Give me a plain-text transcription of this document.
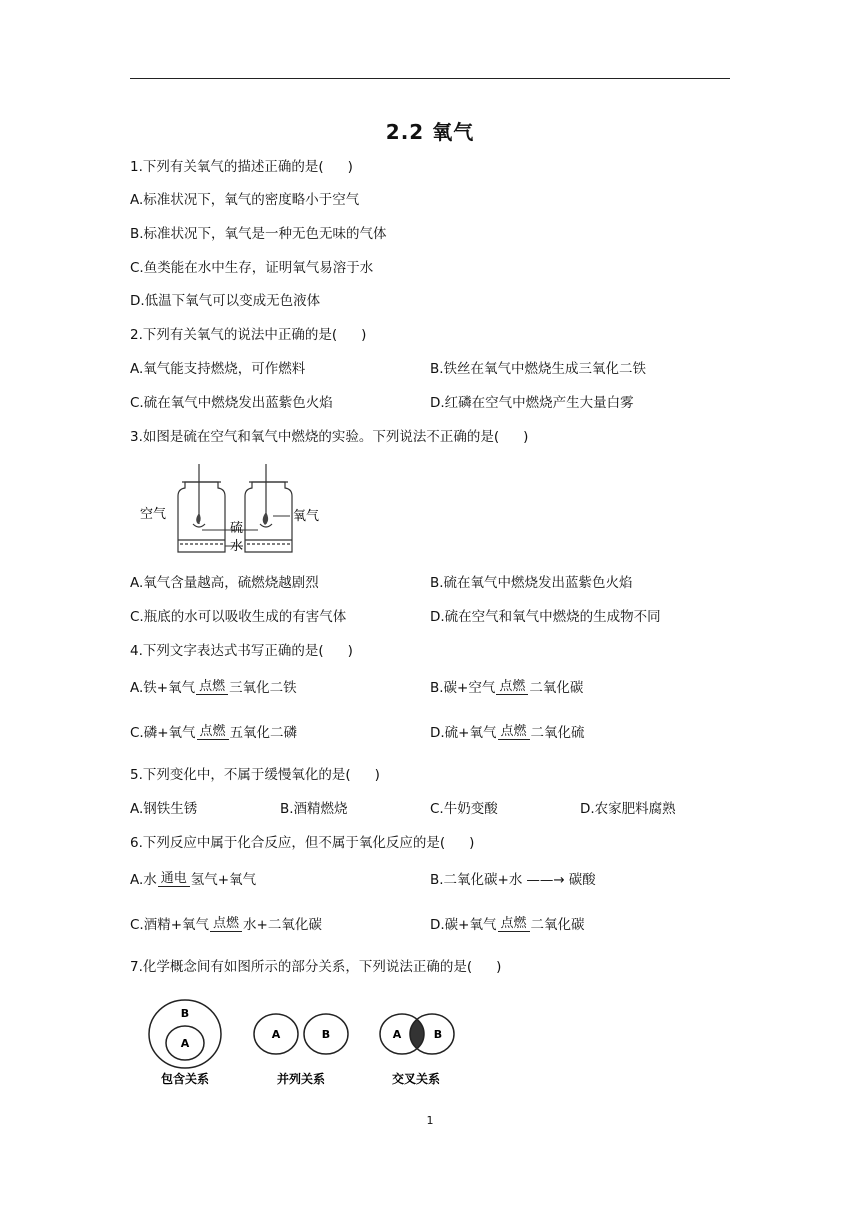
2.2 氧气
1.下列有关氧气的描述正确的是( )
A.标准状况下，氧气的密度略小于空气
B.标准状况下，氧气是一种无色无味的气体
C.鱼类能在水中生存，证明氧气易溶于水
D.低温下氧气可以变成无色液体
2.下列有关氧气的说法中正确的是( )
A.氧气能支持燃烧，可作燃料	B.铁丝在氧气中燃烧生成三氧化二铁
C.硫在氧气中燃烧发出蓝紫色火焰	D.红磷在空气中燃烧产生大量白雾
3.如图是硫在空气和氧气中燃烧的实验。下列说法不正确的是( )
空气
硫
水
氧气
A.氧气含量越高，硫燃烧越剧烈	B.硫在氧气中燃烧发出蓝紫色火焰
C.瓶底的水可以吸收生成的有害气体	D.硫在空气和氧气中燃烧的生成物不同
4.下列文字表达式书写正确的是( )
A.铁+氧气 点燃 三氧化二铁	B.碳+空气 点燃 二氧化碳
C.磷+氧气 点燃 五氧化二磷	D.硫+氧气 点燃 二氧化硫
5.下列变化中，不属于缓慢氧化的是( )
A.钢铁生锈	B.酒精燃烧	C.牛奶变酸	D.农家肥料腐熟
6.下列反应中属于化合反应，但不属于氧化反应的是( )
A.水 通电 氢气+氧气	B.二氧化碳+水 ——→ 碳酸
C.酒精+氧气 点燃 水+二氧化碳	D.碳+氧气 点燃 二氧化碳
7.化学概念间有如图所示的部分关系，下列说法正确的是( )
B
A
A	B	A	B
包含关系	并列关系	交叉关系
1
